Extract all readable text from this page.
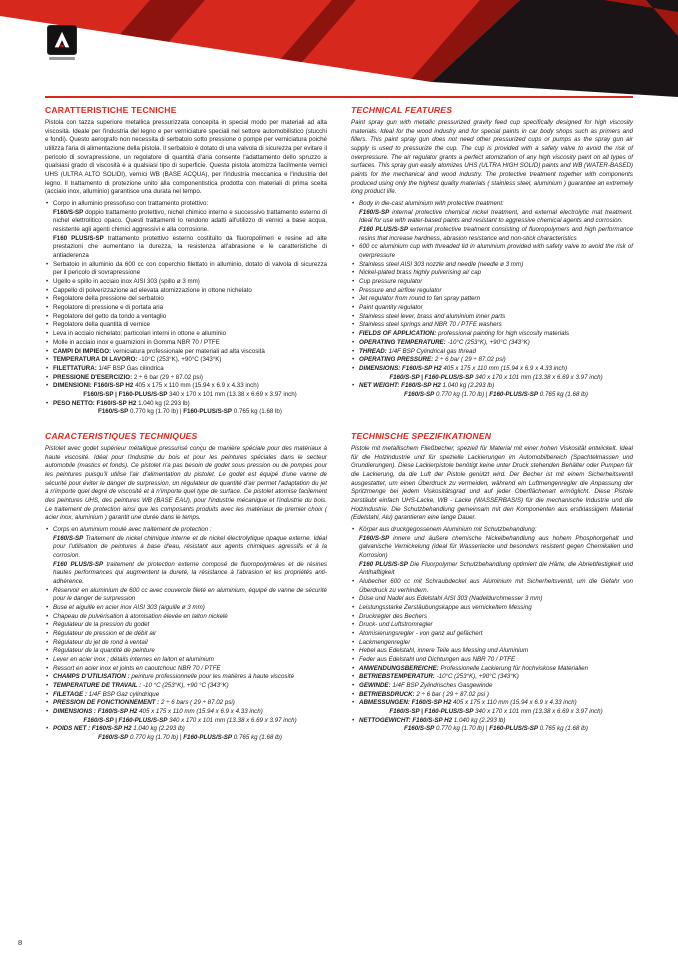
CARATTERISTICHE TECNICHE

Pistola con tazza superiore metallica pressurizzata concepita in special modo per materiali ad alta viscosità. Ideale per l'industria del legno e per verniciature speciali nel settore automobilistico (stucchi e fondi). Questo aerografo non necessita di serbatoio sotto pressione o pompe per verniciatura poiché utilizza l'aria di alimentazione della pistola. Il serbatoio è dotato di una valvola di sicurezza per evitare il pericolo di sovrapressione, un regolatore di quantità d'aria consente l'adattamento dello spruzzo a qualsiasi grado di viscosità e a qualsiasi tipo di superficie. Questa pistola atomizza facilmente vernici UHS (ULTRA ALTO SOLIDI), vernici WB (BASE ACQUA), per l'industria meccanica e l'industria del legno. Il trattamento di protezione unito alla componentistica prodotta con materiali di prima scelta (acciaio inox, alluminio) garantisce una durata nel tempo.

• Corpo in alluminio pressofuso con trattamento protettivo:
F160/S-SP doppio trattamento protettivo, nichel chimico interno e successivo trattamento esterno di nichel elettrolitico opaco. Questi trattamenti lo rendono adatti all'utilizzo di vernici a base acqua, resistente agli agenti chimici aggressivi e alla corrosione.
F160 PLUS/S-SP trattamento protettivo esterno costituito da fluoropolimeri e resine ad alte prestazioni che aumentano la durezza, la resistenza all'abrasione e le caratteristiche di antiaderenza
• Serbatoio in alluminio da 600 cc con coperchio filettato in alluminio, dotato di valvola di sicurezza per il pericolo di sovrapressione
• Ugello e spillo in acciaio inox AISI 303 (spillo ø 3 mm)
• Cappello di polverizzazione ad elevata atomizzazione in ottone nichelato
• Regolatore della pressione del serbatoio
• Regolatore di pressione e di portata aria
• Regolatore del getto da tondo a ventaglio
• Regolatore della quantità di vernice
• Leva in acciaio nichelato; particolari interni in ottone e alluminio
• Molle in acciaio inox e guarnizioni in Gomma NBR 70 / PTFE
• CAMPI DI IMPIEGO: verniciatura professionale per materiali ad alta viscosità
• TEMPERATURA DI LAVORO: -10°C (253°K), +90°C (343°K)
• FILETTATURA: 1/4F BSP Gas cilindrica
• PRESSIONE D'ESERCIZIO: 2 ÷ 6 bar (29 ÷ 87.02 psi)
• DIMENSIONI: F160/S-SP H2 405 x 175 x 110 mm (15.94 x 6.9 x 4.33 inch)
F160/S-SP | F160-PLUS/S-SP 340 x 170 x 101 mm (13.38 x 6.69 x 3.97 inch)
• PESO NETTO: F160/S-SP H2 1.040 kg (2.293 lb)
F160/S-SP 0.770 kg (1.70 lb) | F160-PLUS/S-SP 0.765 kg (1.68 lb)
TECHNICAL FEATURES

Paint spray gun with metallic pressurized gravity feed cup specifically designed for high viscosity materials. Ideal for the wood industry and for special paints in car body shops such as primers and fillers. This paint spray gun does not need other pressurized cups or pumps as the spray gun air supply is used to pressurize the cup. The cup is provided with a safety valve to avoid the risk of overpressure. The air regulator grants a perfect atomization of any high viscosity paint on all types of surfaces. This spray gun easily atomizes UHS (ULTRA HIGH SOLID) paints and WB (WATER-BASED) paints for the mechanical and wood industry. The protective treatment together with components produced using only the highest quality materials ( stainless steel, aluminium ) guarantee an extremely long product life.

• Body in die-cast aluminium with protective treatment:
F160/S-SP internal protective chemical nickel treatment, and external electrolytic mat treatment. Ideal for use with water-based paints and resistant to aggressive chemical agents and corrosion.
F160 PLUS/S-SP external protective treatment consisting of fluoropolymers and high performance resins that increase hardness, abrasion resistance and non-stick characteristics
• 600 cc aluminium cup with threaded lid in aluminium provided with safety valve to avoid the risk of overpressure
• Stainless steel AISI 303 nozzle and needle (needle ø 3 mm)
• Nickel-plated brass highly pulverising air cap
• Cup pressure regulator
• Pressure and airflow regulator
• Jet regulator from round to fan spray pattern
• Paint quantity regulator
• Stainless steel lever, brass and aluminium inner parts
• Stainless steel springs and NBR 70 / PTFE washers
• FIELDS OF APPLICATION: professional painting for high viscosity materials
• OPERATING TEMPERATURE: -10°C (253°K), +90°C (343°K)
• THREAD: 1/4F BSP Cylindrical gas thread
• OPERATING PRESSURE: 2 ÷ 6 bar ( 29 ÷ 87.02 psi)
• DIMENSIONS: F160/S-SP H2 405 x 175 x 110 mm (15.94 x 6.9 x 4.33 inch)
F160/S-SP | F160-PLUS/S-SP 340 x 170 x 101 mm (13.38 x 6.69 x 3.97 inch)
• NET WEIGHT: F160/S-SP H2 1.040 kg (2.293 lb)
F160/S-SP 0.770 kg (1.70 lb) | F160-PLUS/S-SP 0.765 kg (1.68 lb)
CARACTERISTIQUES TECHNIQUES

Pistolet avec godet supérieur métallique pressurisé conçu de manière spéciale pour des matériaux à haute viscosité. Idéal pour l'industrie du bois et pour les peintures spéciales dans le secteur automobile (mastics et fonds). Ce pistolet n'a pas besoin de godet sous pression ou de pompes pour les peintures puisqu'il utilise l'air d'alimentation du pistolet. Le godet est équipé d'une vanne de sécurité pour éviter le danger de surpression, un régulateur de quantité d'air permet l'adaptation du jet à n'importe quel degré de viscosité et à n'importe quel type de surface. Ce pistolet atomise facilement des peintures UHS, des peintures WB (BASE EAU), pour l'industrie mécanique et l'industrie du bois. Le traitement de protection ainsi que les composants produits avec les matériaux de premier choix ( acier inox, aluminium ) garantit une durée dans le temps.

• Corps en aluminium moulé avec traitement de protection :
F160/S-SP Traitement de nickel chimique interne et de nickel électrolytique opaque externe. Idéal pour l'utilisation de peintures à base d'eau, résistant aux agents chimiques agressifs et à la corrosion.
F160 PLUS/S-SP traitement de protection externe composé de fluoropolymères et de résines hautes performances qui augmentent la dureté, la résistance à l'abrasion et les propriétés anti-adhérence.
• Réservoir en aluminium de 600 cc avec couvercle fileté en aluminium, équipé de vanne de sécurité pour le danger de surpression
• Buse et aiguille en acier inox AISI 303 (aiguille ø 3 mm)
• Chapeau de pulvérisation à atomisation élevée en laiton nickelé
• Régulateur de la pression du godet
• Régulateur de pression et de débit air
• Régulateur du jet de rond à ventail
• Régulateur de la quantité de peinture
• Lever en acier inox ; détails internes en laiton et aluminium
• Ressort en acier inox et joints en caoutchouc NBR 70 / PTFE
• CHAMPS D'UTILISATION : peinture professionnelle pour les matières à haute viscosité
• TEMPERATURE DE TRAVAIL : -10 °C (253°K), +90 °C (343°K)
• FILETAGE : 1/4F BSP Gaz cylindrique
• PRESSION DE FONCTIONNEMENT : 2 ÷ 6 bars ( 29 ÷ 87.02 psi)
• DIMENSIONS : F160/S-SP H2 405 x 175 x 110 mm (15.94 x 6.9 x 4.33 inch)
F160/S-SP | F160-PLUS/S-SP 340 x 170 x 101 mm (13.38 x 6.69 x 3.97 inch)
• POIDS NET : F160/S-SP H2 1.040 kg (2.293 lb)
F160/S-SP 0.770 kg (1.70 lb) | F160-PLUS/S-SP 0.765 kg (1.68 lb)
TECHNISCHE SPEZIFIKATIONEN

Pistole mit metallischem Fließbecher, speziell für Material mit einer hohen Viskosität entwickelt. Ideal für die Holzindustrie und für spezielle Lackierungen im Automobilbereich (Spachtelmassen und Grundierungen). Diese Lackierpistole benötigt keine unter Druck stehenden Behälter oder Pumpen für die Lackierung, da die Luft der Pistole genützt wird. Der Becher ist mit einem Sicherheitsventil ausgestattet, um einen Überdruck zu vermeiden, während ein Luftmengenregler die Anpassung der Spritzmenge bei jedem Viskositätsgrad und auf jeder Oberflächenart ermöglicht. Diese Pistole zerstäubt einfach UHS-Lacke, WB - Lacke (WASSERBASIS) für die mechanische Industrie und die Holzindustrie. Die Schutzbehandlung gemeinsam mit den Komponenten aus erstklassigem Material (Edelstahl, Alu) garantieren eine lange Dauer.

• Körper aus druckgegossenem Aluminium mit Schutzbehandlung:
F160/S-SP innere und äußere chemische Nickelbehandlung aus hohem Phosphorgehalt und galvanische Vernickelung (ideal für Wasserlacke und besonders resistent gegen Chemikalien und Korrosion)
F160 PLUS/S-SP Die Fluorpolymer Schutzbehandlung optimiert die Härte, die Abriebfestigkeit und Antihaftigkeit
• Alubecher 600 cc mit Schraubdeckel aus Aluminium mit Sicherheitsventil, um die Gefahr von Überdruck zu verhindern.
• Düse und Nadel aus Edelstahl AISI 303 (Nadeldurchmesser 3 mm)
• Leistungsstarke Zerstäubungskappe aus vernickeltem Messing
• Druckregler des Bechers
• Druck- und Luftstromregler
• Atomisierungsregler - von ganz auf gefächert
• Lackmengenregler
• Hebel aus Edelstahl, innere Teile aus Messing und Aluminium
• Feder aus Edelstahl und Dichtungen aus NBR 70 / PTFE
• ANWENDUNGSBEREICHE: Professionelle Lackierung für hochviskose Materialien
• BETRIEBSTEMPERATUR: -10°C (253°K), +90°C (343°K)
• GEWINDE: 1/4F BSP Zylindrisches Gasgewinde
• BETRIEBSDRUCK: 2 ÷ 6 bar ( 29 ÷ 87.02 psi )
• ABMESSUNGEN: F160/S-SP H2 405 x 175 x 110 mm (15.94 x 6.9 x 4.33 inch)
F160/S-SP | F160-PLUS/S-SP 340 x 170 x 101 mm (13.38 x 6.69 x 3.97 inch)
• NETTOGEWICHT: F160/S-SP H2 1.040 kg (2.293 lb)
F160/S-SP 0.770 kg (1.70 lb) | F160-PLUS/S-SP 0.765 kg (1.68 lb)
8
